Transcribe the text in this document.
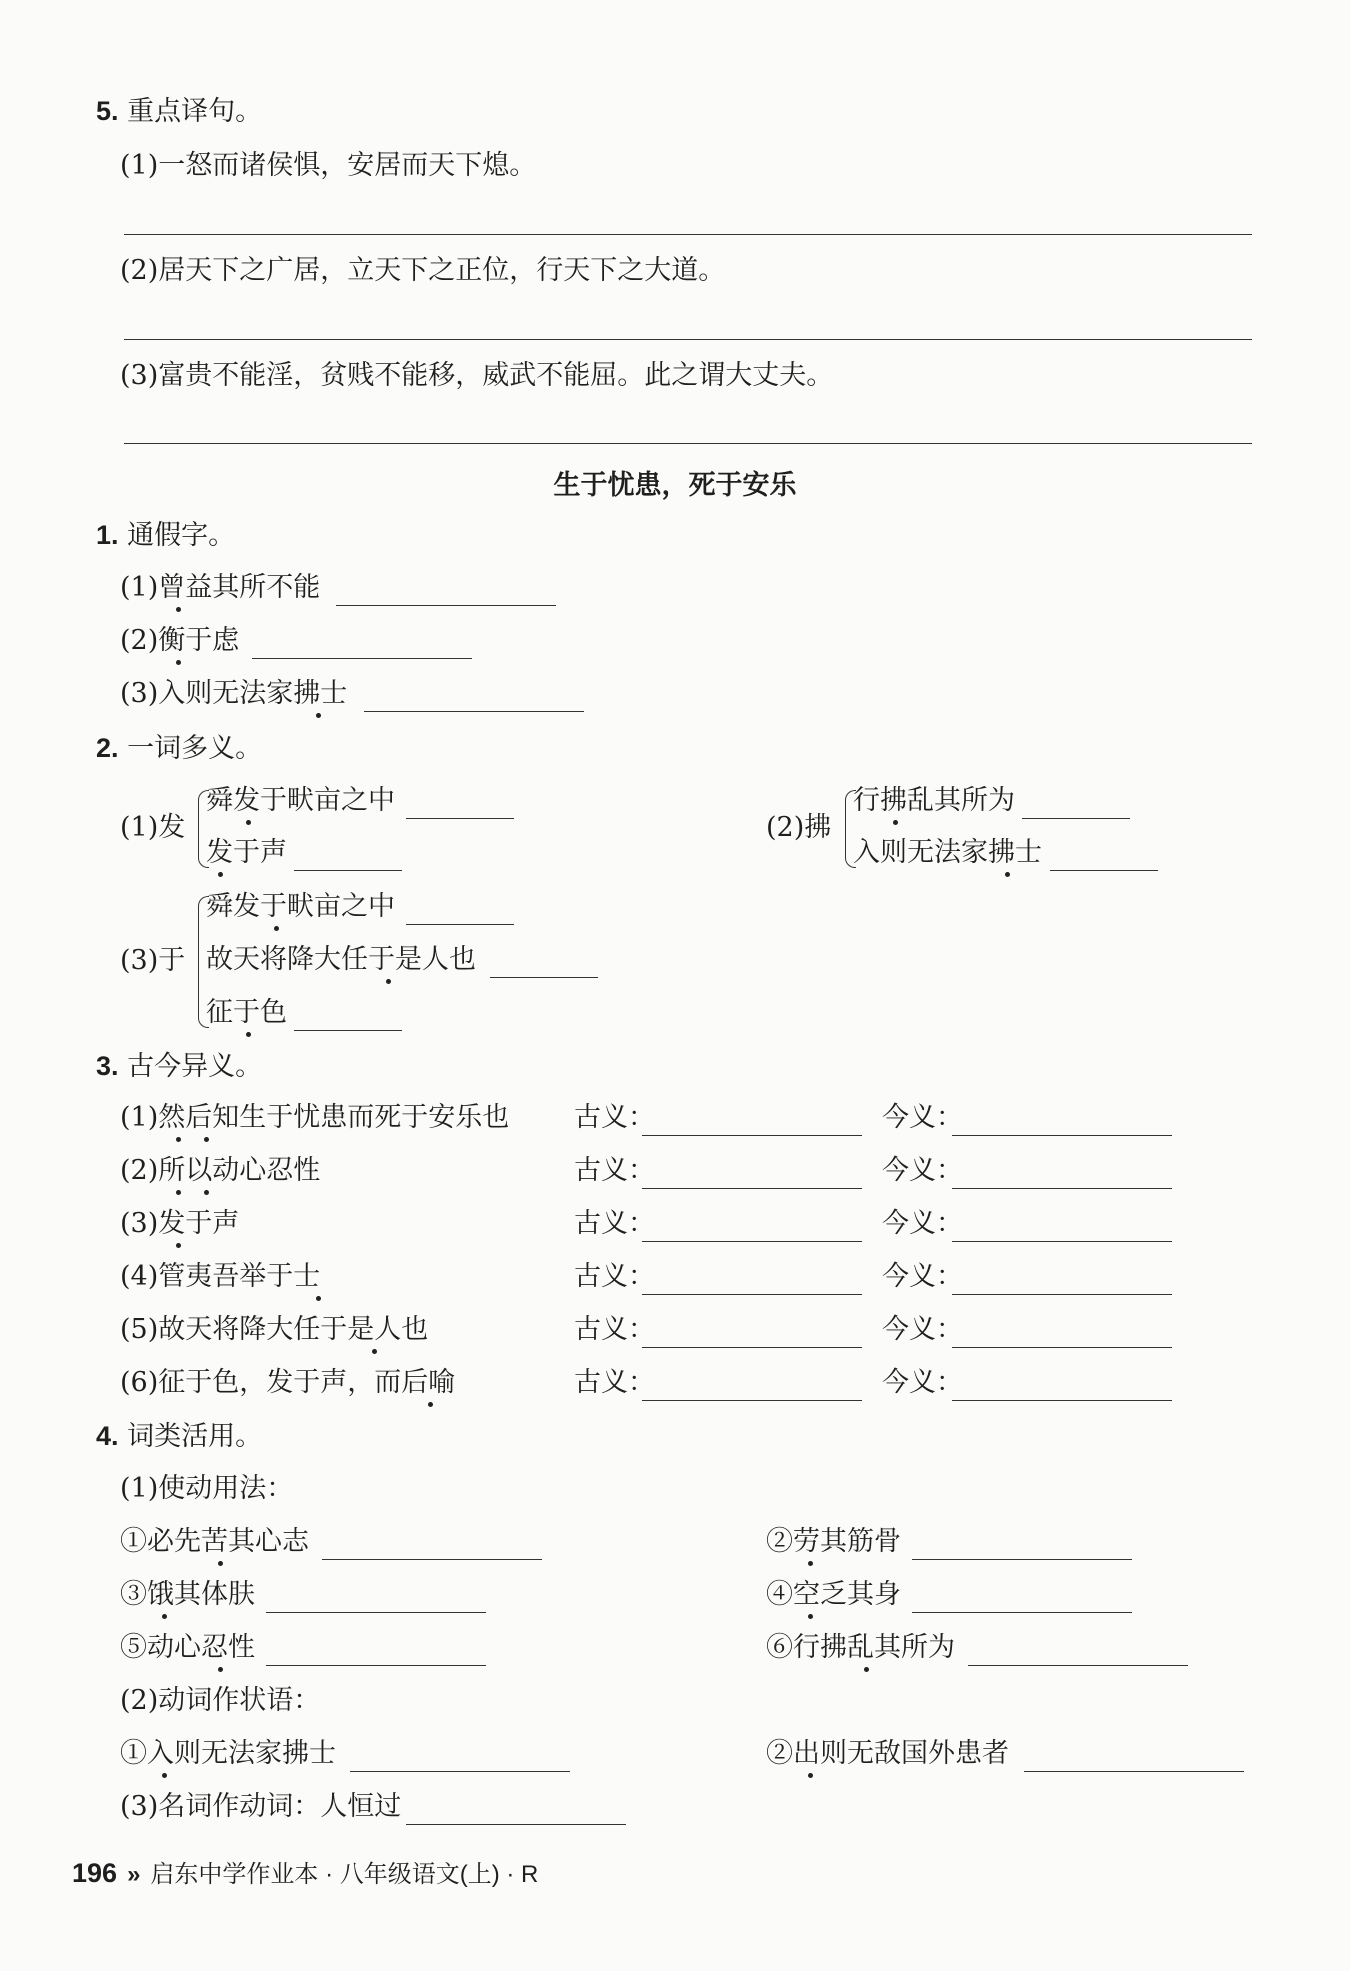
5. 重点译句。
(1)一怒而诸侯惧，安居而天下熄。
(2)居天下之广居，立天下之正位，行天下之大道。
(3)富贵不能淫，贫贱不能移，威武不能屈。此之谓大丈夫。
生于忧患，死于安乐
1. 通假字。
(1)曾益其所不能
(2)衡于虑
(3)入则无法家拂士
2. 一词多义。
(1)发
舜发于畎亩之中
发于声
(2)拂
行拂乱其所为
入则无法家拂士
(3)于
舜发于畎亩之中
故天将降大任于是人也
征于色
3. 古今异义。
(1)然后知生于忧患而死于安乐也 古义：	今义：
(2)所以动心忍性	古义：	今义：
(3)发于声	古义：	今义：
(4)管夷吾举于士	古义：	今义：
(5)故天将降大任于是人也	古义：	今义：
(6)征于色，发于声，而后喻	古义：	今义：
4. 词类活用。
(1)使动用法：
①必先苦其心志	②劳其筋骨
③饿其体肤	④空乏其身
⑤动心忍性	⑥行拂乱其所为
(2)动词作状语：
①入则无法家拂士	②出则无敌国外患者
(3)名词作动词：人恒过
196 » 启东中学作业本 · 八年级语文(上) · R
